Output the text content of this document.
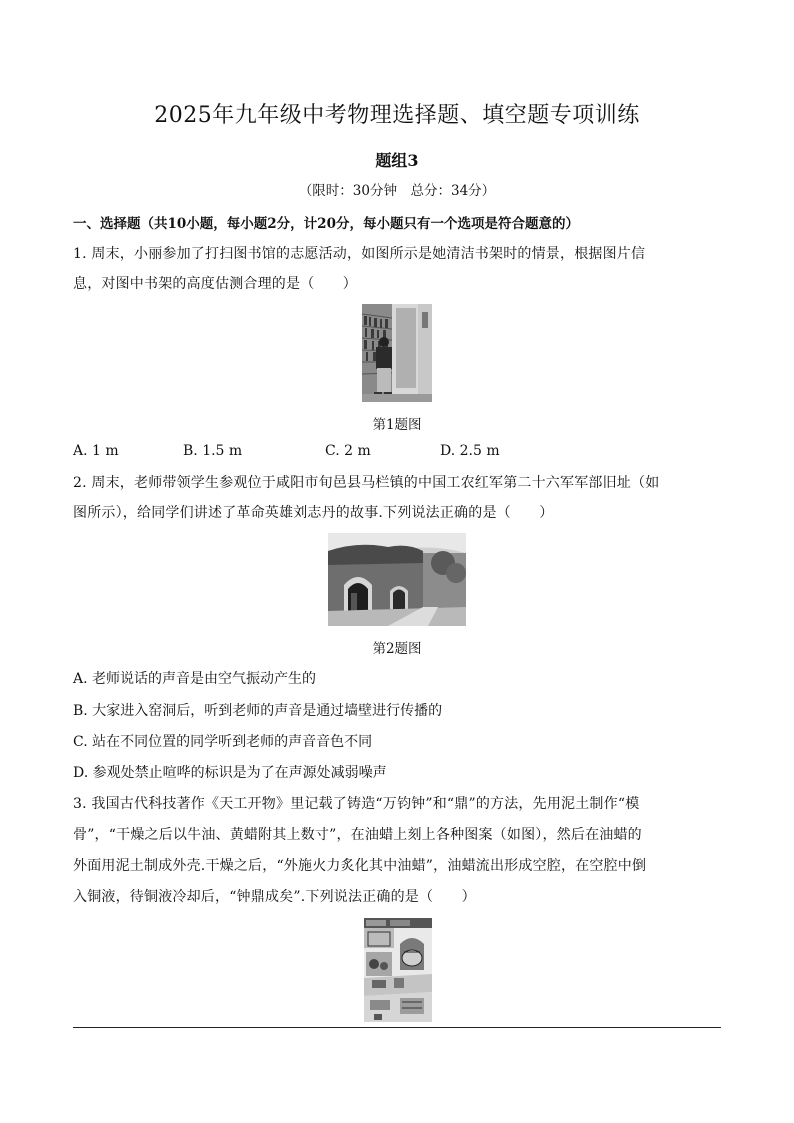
2025年九年级中考物理选择题、填空题专项训练
题组3
（限时：30分钟　总分：34分）
一、选择题（共10小题，每小题2分，计20分，每小题只有一个选项是符合题意的）
1. 周末，小丽参加了打扫图书馆的志愿活动，如图所示是她清洁书架时的情景，根据图片信
息，对图中书架的高度估测合理的是（　　）
第1题图
A. 1 m	B. 1.5 m	C. 2 m	D. 2.5 m
2. 周末，老师带领学生参观位于咸阳市旬邑县马栏镇的中国工农红军第二十六军军部旧址（如
图所示），给同学们讲述了革命英雄刘志丹的故事.下列说法正确的是（　　）
第2题图
A. 老师说话的声音是由空气振动产生的
B. 大家进入窑洞后，听到老师的声音是通过墙壁进行传播的
C. 站在不同位置的同学听到老师的声音音色不同
D. 参观处禁止喧哗的标识是为了在声源处减弱噪声
3. 我国古代科技著作《天工开物》里记载了铸造“万钧钟”和“鼎”的方法，先用泥土制作“模
骨”，“干燥之后以牛油、黄蜡附其上数寸”，在油蜡上刻上各种图案（如图），然后在油蜡的
外面用泥土制成外壳.干燥之后，“外施火力炙化其中油蜡”，油蜡流出形成空腔，在空腔中倒
入铜液，待铜液冷却后，“钟鼎成矣”.下列说法正确的是（　　）
